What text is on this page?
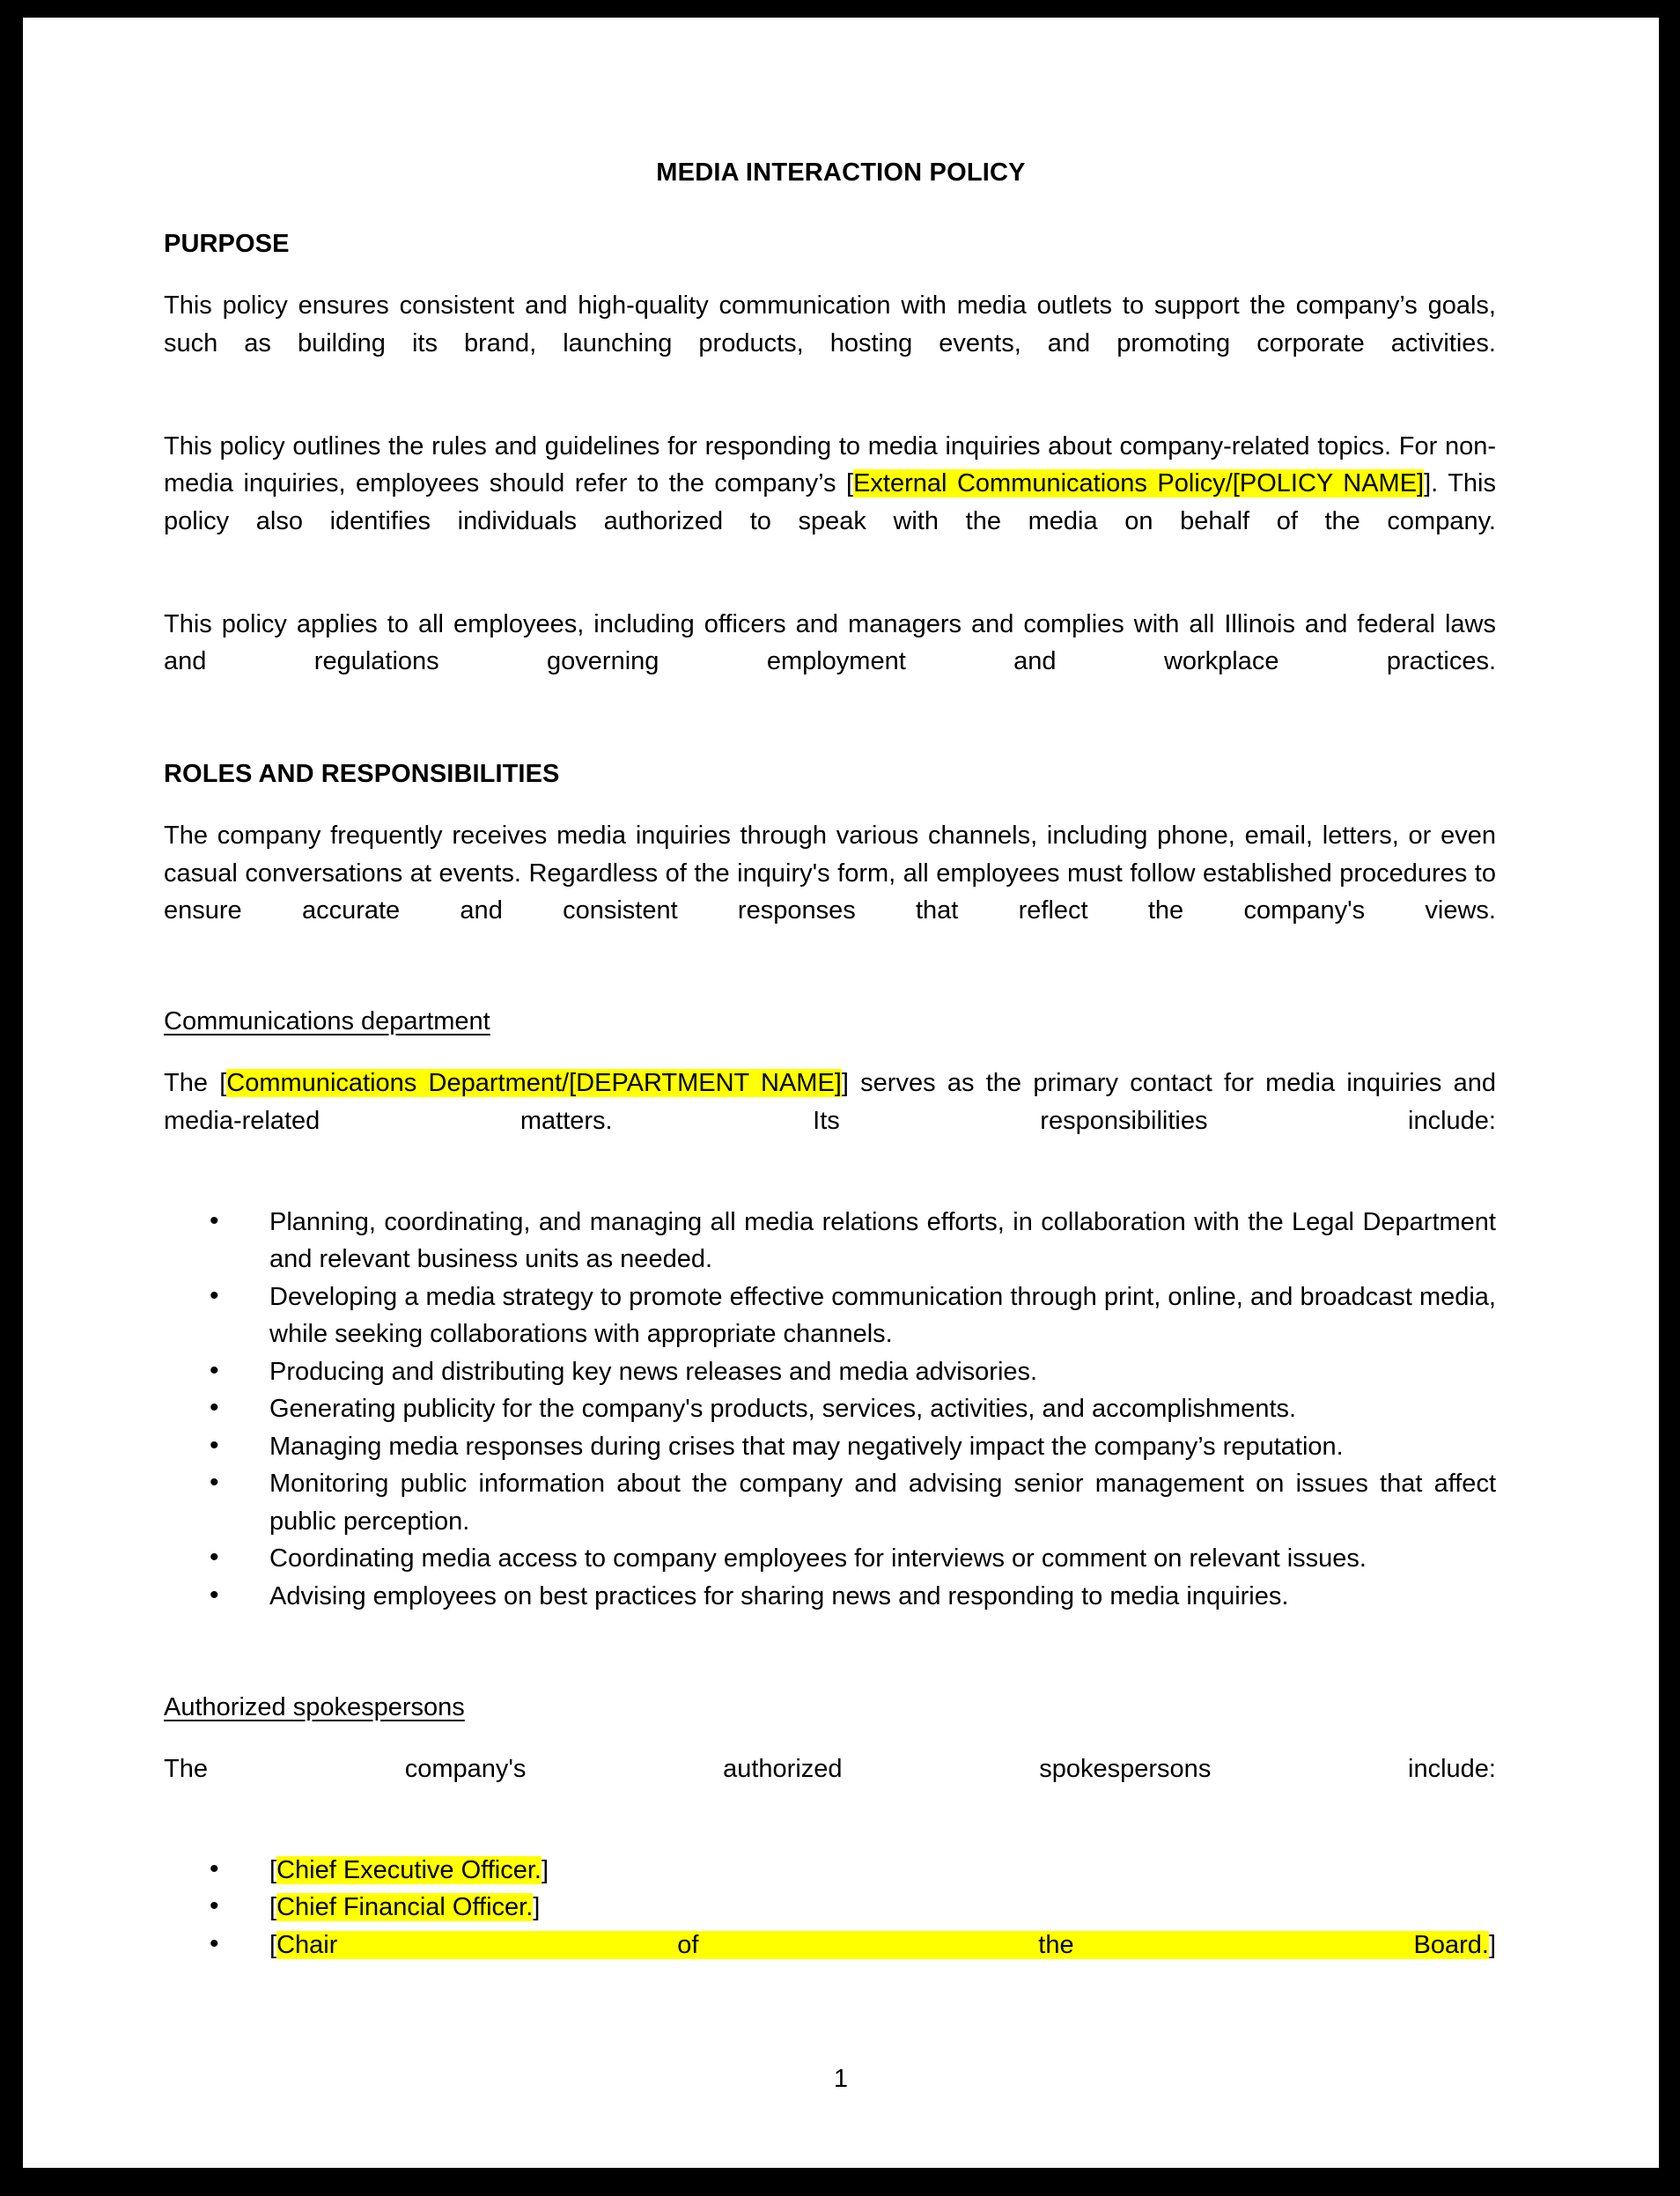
MEDIA INTERACTION POLICY
PURPOSE

This policy ensures consistent and high-quality communication with media outlets to support the company’s goals, such as building its brand, launching products, hosting events, and promoting corporate activities.

This policy outlines the rules and guidelines for responding to media inquiries about company-related topics. For non-media inquiries, employees should refer to the company’s [External Communications Policy/[POLICY NAME]]. This policy also identifies individuals authorized to speak with the media on behalf of the company.

This policy applies to all employees, including officers and managers and complies with all Illinois and federal laws and regulations governing employment and workplace practices.

ROLES AND RESPONSIBILITIES

The company frequently receives media inquiries through various channels, including phone, email, letters, or even casual conversations at events. Regardless of the inquiry's form, all employees must follow established procedures to ensure accurate and consistent responses that reflect the company's views.

Communications department

The [Communications Department/[DEPARTMENT NAME]] serves as the primary contact for media inquiries and media-related matters. Its responsibilities include:

• Planning, coordinating, and managing all media relations efforts, in collaboration with the Legal Department and relevant business units as needed.
• Developing a media strategy to promote effective communication through print, online, and broadcast media, while seeking collaborations with appropriate channels.
• Producing and distributing key news releases and media advisories.
• Generating publicity for the company's products, services, activities, and accomplishments.
• Managing media responses during crises that may negatively impact the company’s reputation.
• Monitoring public information about the company and advising senior management on issues that affect public perception.
• Coordinating media access to company employees for interviews or comment on relevant issues.
• Advising employees on best practices for sharing news and responding to media inquiries.
Authorized spokespersons

The company's authorized spokespersons include:

• [Chief Executive Officer.]
• [Chief Financial Officer.]
• [Chair of the Board.]
1
